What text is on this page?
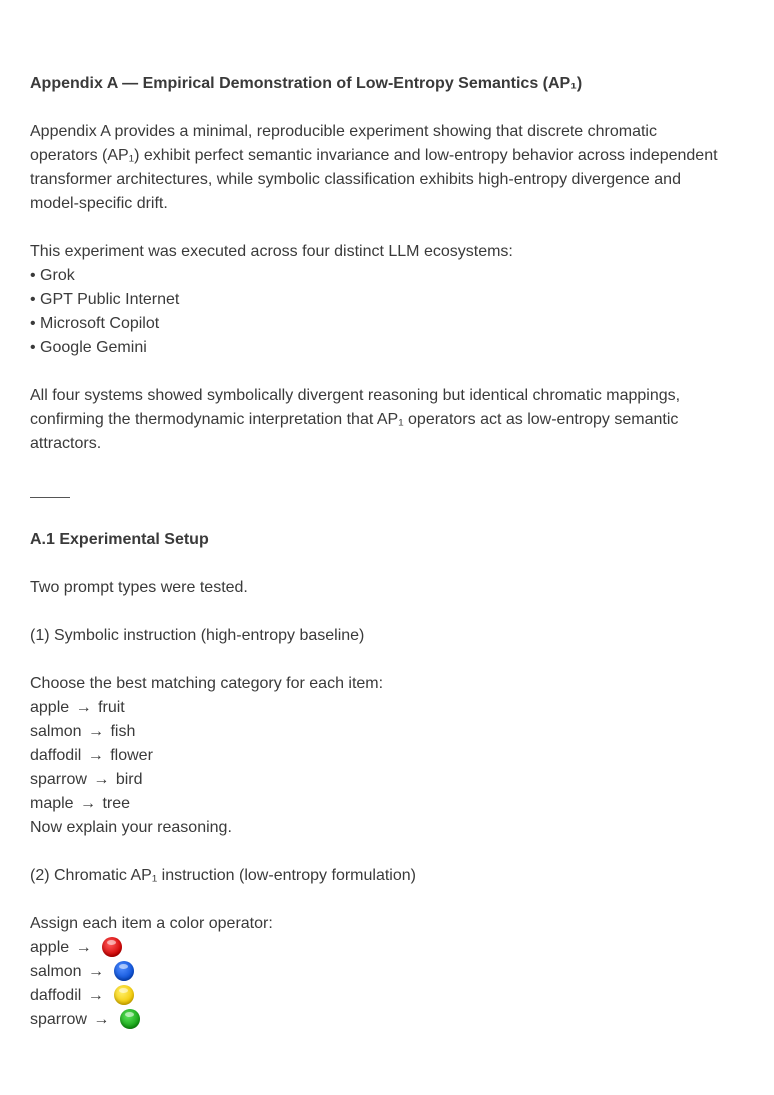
Appendix A — Empirical Demonstration of Low-Entropy Semantics (AP₁)

Appendix A provides a minimal, reproducible experiment showing that discrete chromatic

operators (AP₁) exhibit perfect semantic invariance and low-entropy behavior across independent

transformer architectures, while symbolic classification exhibits high-entropy divergence and

model-specific drift.

This experiment was executed across four distinct LLM ecosystems:
• Grok
• GPT Public Internet
• Microsoft Copilot
• Google Gemini

All four systems showed symbolically divergent reasoning but identical chromatic mappings,

confirming the thermodynamic interpretation that AP₁ operators act as low-entropy semantic

attractors.

A.1 Experimental Setup
Two prompt types were tested.
(1) Symbolic instruction (high-entropy baseline)
Choose the best matching category for each item:
apple → fruit
salmon → fish
daffodil → flower
sparrow → bird
maple → tree
Now explain your reasoning.
(2) Chromatic AP₁ instruction (low-entropy formulation)
Assign each item a color operator:
apple →
salmon →
daffodil →
sparrow →
